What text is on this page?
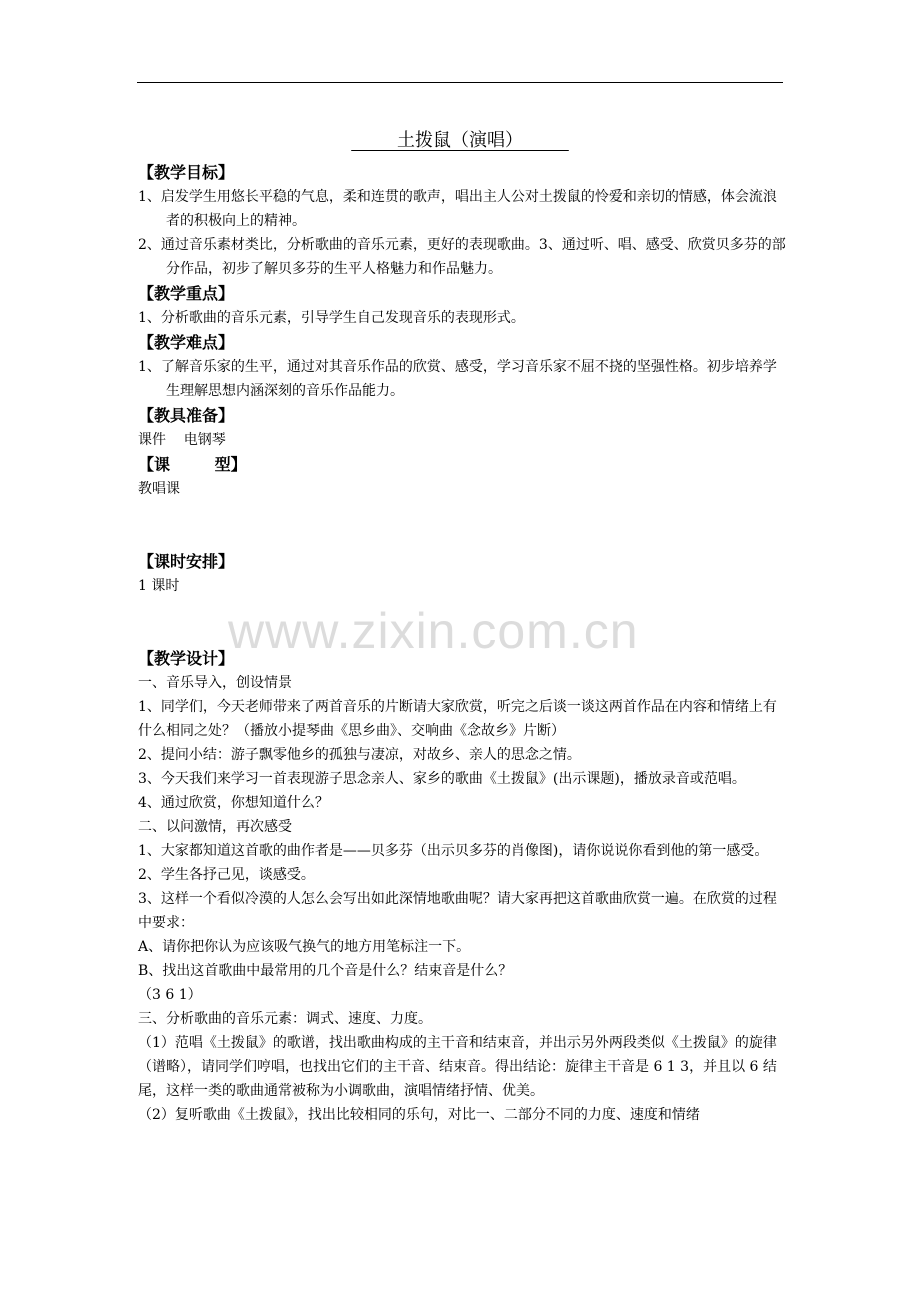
土拨鼠（演唱）
www.zixin.com.cn
【教学目标】
1、启发学生用悠长平稳的气息，柔和连贯的歌声，唱出主人公对土拨鼠的怜爱和亲切的情感，体会流浪者的积极向上的精神。
2、通过音乐素材类比，分析歌曲的音乐元素，更好的表现歌曲。3、通过听、唱、感受、欣赏贝多芬的部分作品，初步了解贝多芬的生平人格魅力和作品魅力。
【教学重点】
1、分析歌曲的音乐元素，引导学生自己发现音乐的表现形式。
【教学难点】
1、了解音乐家的生平，通过对其音乐作品的欣赏、感受，学习音乐家不屈不挠的坚强性格。初步培养学生理解思想内涵深刻的音乐作品能力。
【教具准备】
课件    电钢琴
【课        型】
教唱课
【课时安排】
1 课时
【教学设计】
一、音乐导入，创设情景
1、同学们，今天老师带来了两首音乐的片断请大家欣赏，听完之后谈一谈这两首作品在内容和情绪上有什么相同之处？（播放小提琴曲《思乡曲》、交响曲《念故乡》片断）
2、提问小结：游子飘零他乡的孤独与凄凉，对故乡、亲人的思念之情。
3、今天我们来学习一首表现游子思念亲人、家乡的歌曲《土拨鼠》(出示课题)，播放录音或范唱。
4、通过欣赏，你想知道什么？
二、以问激情，再次感受
1、大家都知道这首歌的曲作者是——贝多芬（出示贝多芬的肖像图)，请你说说你看到他的第一感受。
2、学生各抒己见，谈感受。
3、这样一个看似冷漠的人怎么会写出如此深情地歌曲呢？请大家再把这首歌曲欣赏一遍。在欣赏的过程中要求：
A、请你把你认为应该吸气换气的地方用笔标注一下。
B、找出这首歌曲中最常用的几个音是什么？结束音是什么？
（3 6 1）
三、分析歌曲的音乐元素：调式、速度、力度。
（1）范唱《土拨鼠》的歌谱，找出歌曲构成的主干音和结束音，并出示另外两段类似《土拨鼠》的旋律（谱略），请同学们哼唱，也找出它们的主干音、结束音。得出结论：旋律主干音是 6 1 3，并且以 6 结尾，这样一类的歌曲通常被称为小调歌曲，演唱情绪抒情、优美。
（2）复听歌曲《土拨鼠》，找出比较相同的乐句，对比一、二部分不同的力度、速度和情绪
